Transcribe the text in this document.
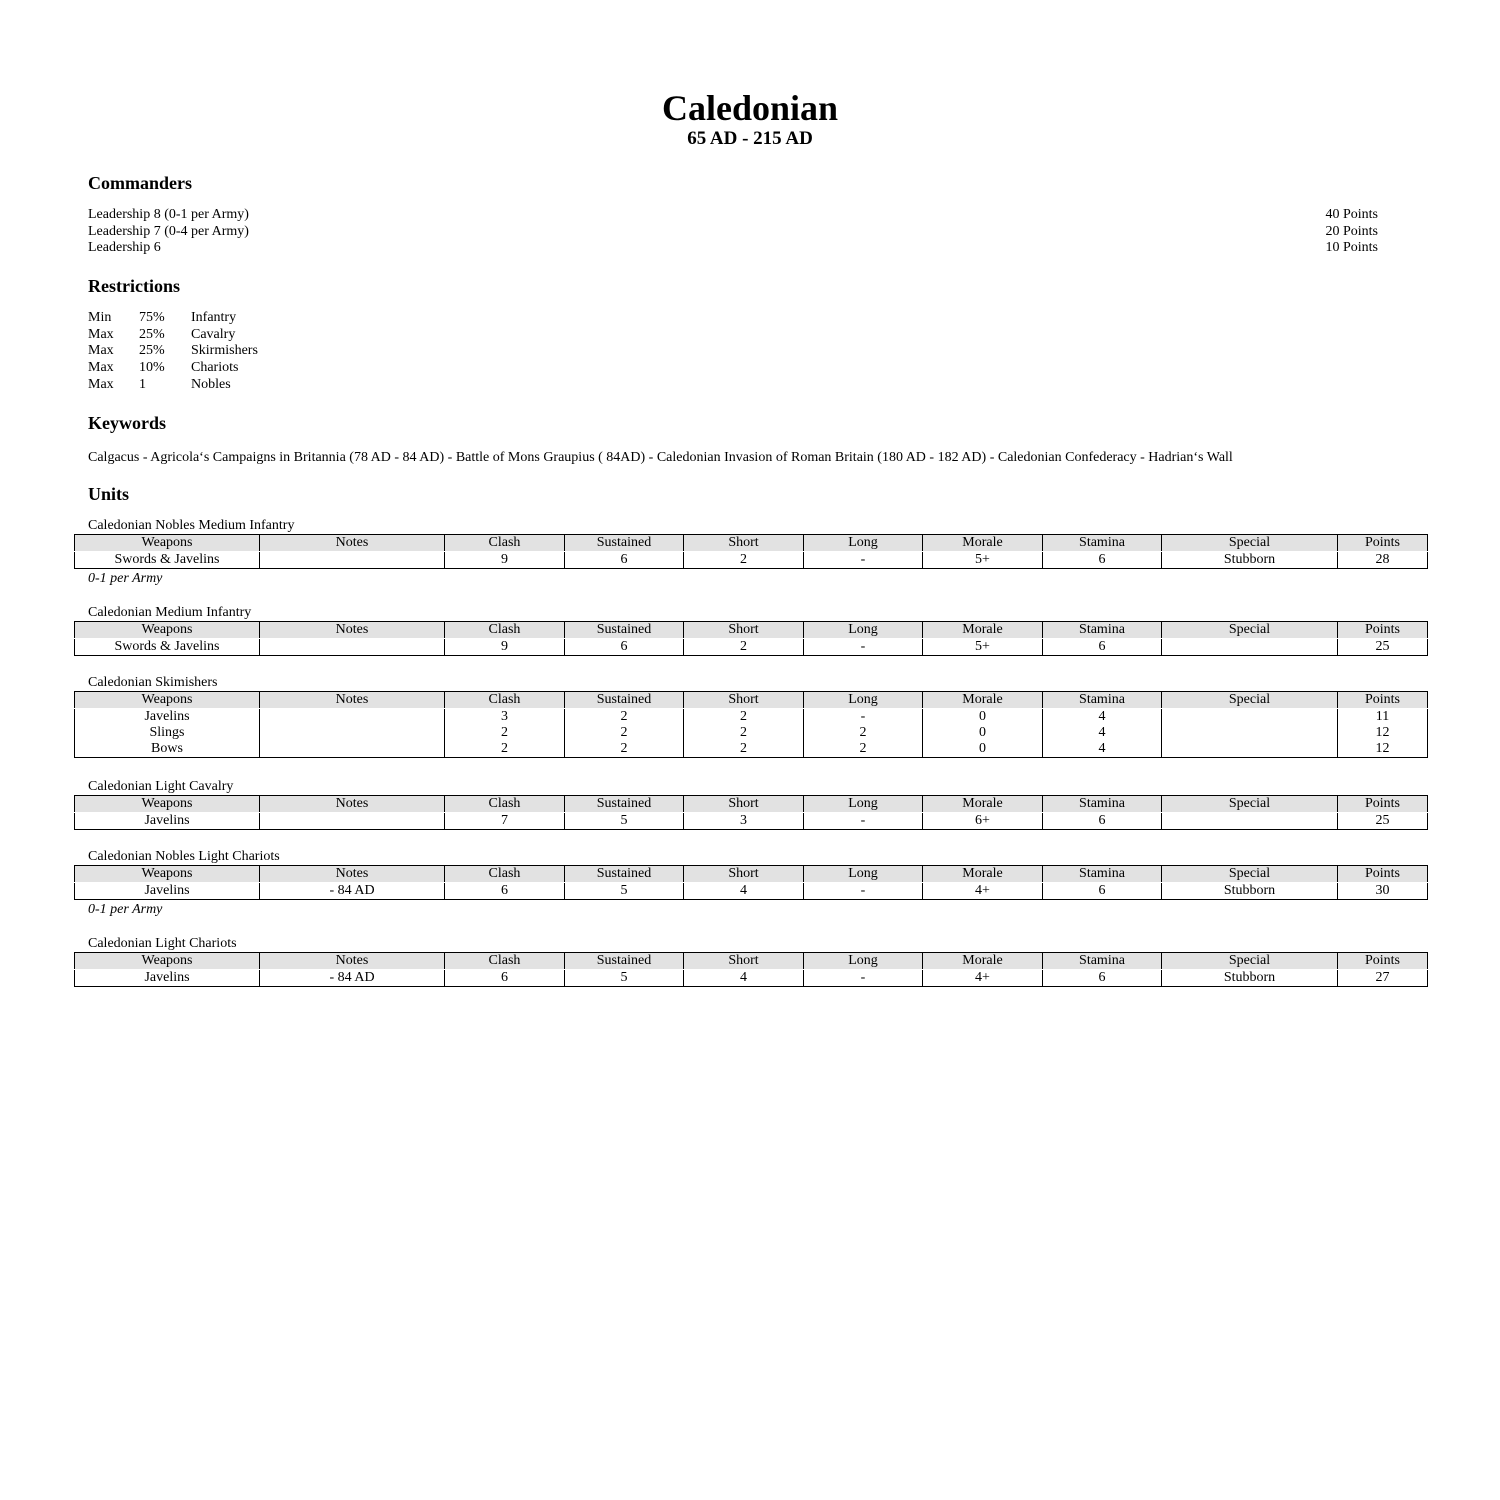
Caledonian
65 AD - 215 AD
Commanders
Leadership 8 (0-1 per Army)	40 Points
Leadership 7 (0-4 per Army)	20 Points
Leadership 6	10 Points
Restrictions
Min	75%	Infantry
Max	25%	Cavalry
Max	25%	Skirmishers
Max	10%	Chariots
Max	1	Nobles
Keywords
Calgacus - Agricola‘s Campaigns in Britannia (78 AD - 84 AD) - Battle of Mons Graupius ( 84AD) - Caledonian Invasion of Roman Britain (180 AD - 182 AD) - Caledonian Confederacy - Hadrian‘s Wall
Units
Caledonian Nobles Medium Infantry
Weapons	Notes	Clash	Sustained	Short	Long	Morale	Stamina	Special	Points
Swords & Javelins		9	6	2	-	5+	6	Stubborn	28
0-1 per Army
Caledonian Medium Infantry
Weapons	Notes	Clash	Sustained	Short	Long	Morale	Stamina	Special	Points
Swords & Javelins		9	6	2	-	5+	6		25
Caledonian Skimishers
Weapons	Notes	Clash	Sustained	Short	Long	Morale	Stamina	Special	Points
Javelins		3	2	2	-	0	4		11
Slings		2	2	2	2	0	4		12
Bows		2	2	2	2	0	4		12
Caledonian Light Cavalry
Weapons	Notes	Clash	Sustained	Short	Long	Morale	Stamina	Special	Points
Javelins		7	5	3	-	6+	6		25
Caledonian Nobles Light Chariots
Weapons	Notes	Clash	Sustained	Short	Long	Morale	Stamina	Special	Points
Javelins	- 84 AD	6	5	4	-	4+	6	Stubborn	30
0-1 per Army
Caledonian Light Chariots
Weapons	Notes	Clash	Sustained	Short	Long	Morale	Stamina	Special	Points
Javelins	- 84 AD	6	5	4	-	4+	6	Stubborn	27
